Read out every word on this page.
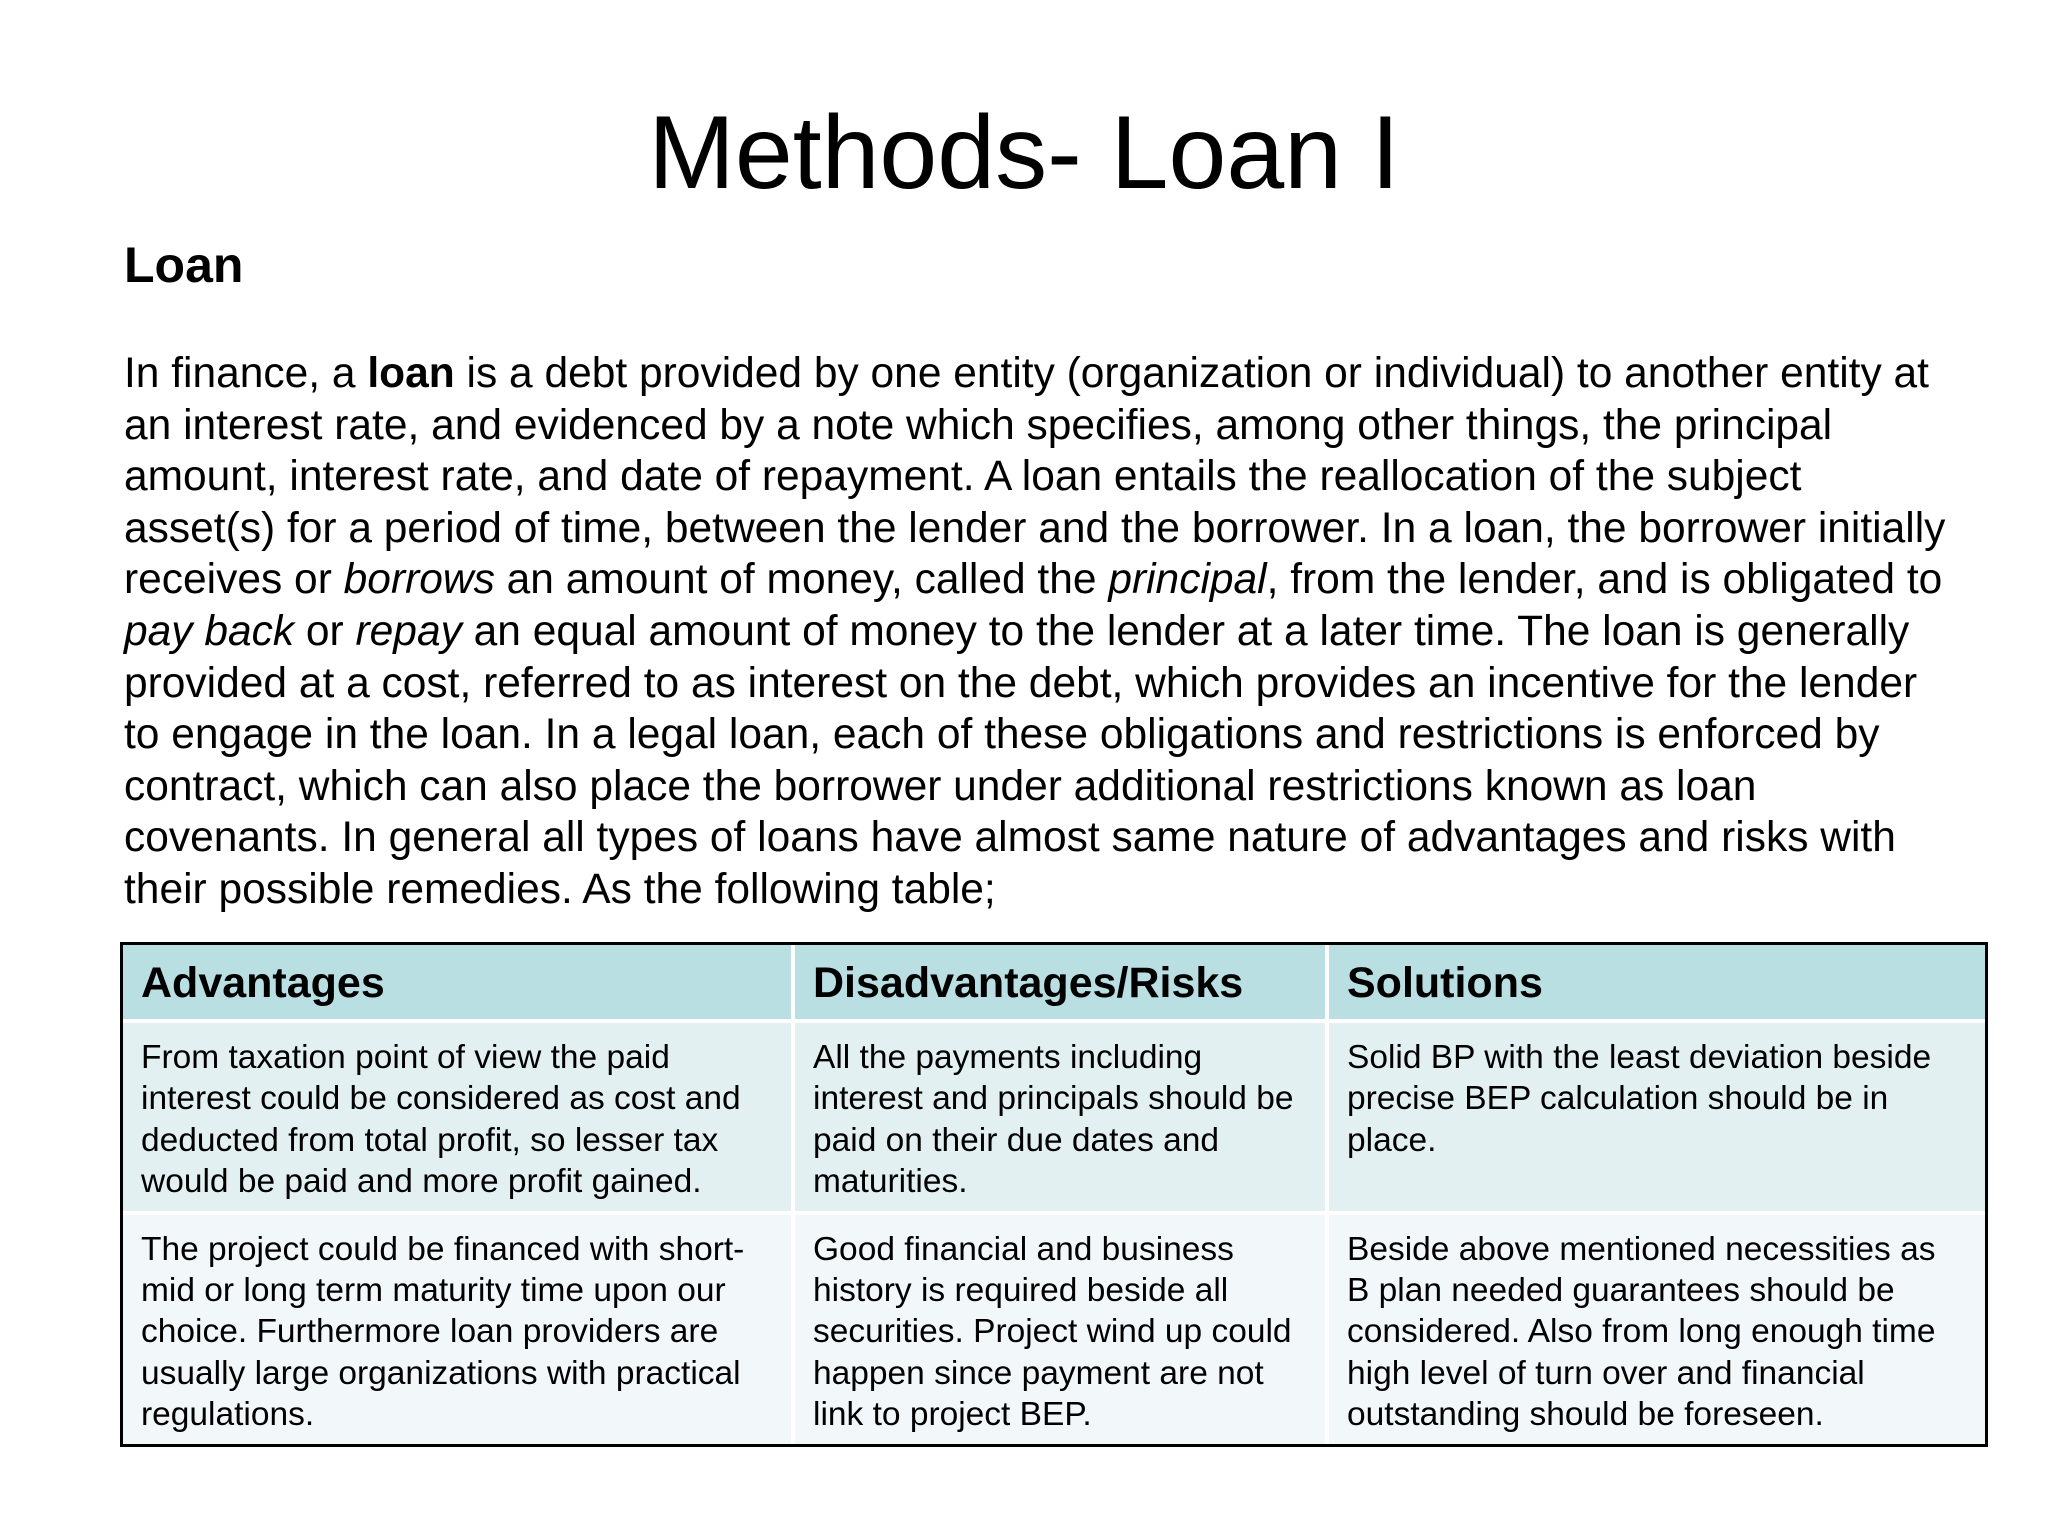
Methods- Loan I
Loan

In finance, a loan is a debt provided by one entity (organization or individual) to another entity at an interest rate, and evidenced by a note which specifies, among other things, the principal amount, interest rate, and date of repayment. A loan entails the reallocation of the subject asset(s) for a period of time, between the lender and the borrower. In a loan, the borrower initially receives or borrows an amount of money, called the principal, from the lender, and is obligated to pay back or repay an equal amount of money to the lender at a later time. The loan is generally provided at a cost, referred to as interest on the debt, which provides an incentive for the lender to engage in the loan. In a legal loan, each of these obligations and restrictions is enforced by contract, which can also place the borrower under additional restrictions known as loan covenants. In general all types of loans have almost same nature of advantages and risks with their possible remedies. As the following table;

Advantages	Disadvantages/Risks	Solutions
From taxation point of view the paid interest could be considered as cost and deducted from total profit, so lesser tax would be paid and more profit gained.	All the payments including interest and principals should be paid on their due dates and maturities.	Solid BP with the least deviation beside precise BEP calculation should be in place.
The project could be financed with short- mid or long term maturity time upon our choice. Furthermore loan providers are usually large organizations with practical regulations.	Good financial and business history is required beside all securities. Project wind up could happen since payment are not link to project BEP.	Beside above mentioned necessities as B plan needed guarantees should be considered. Also from long enough time high level of turn over and financial outstanding should be foreseen.
